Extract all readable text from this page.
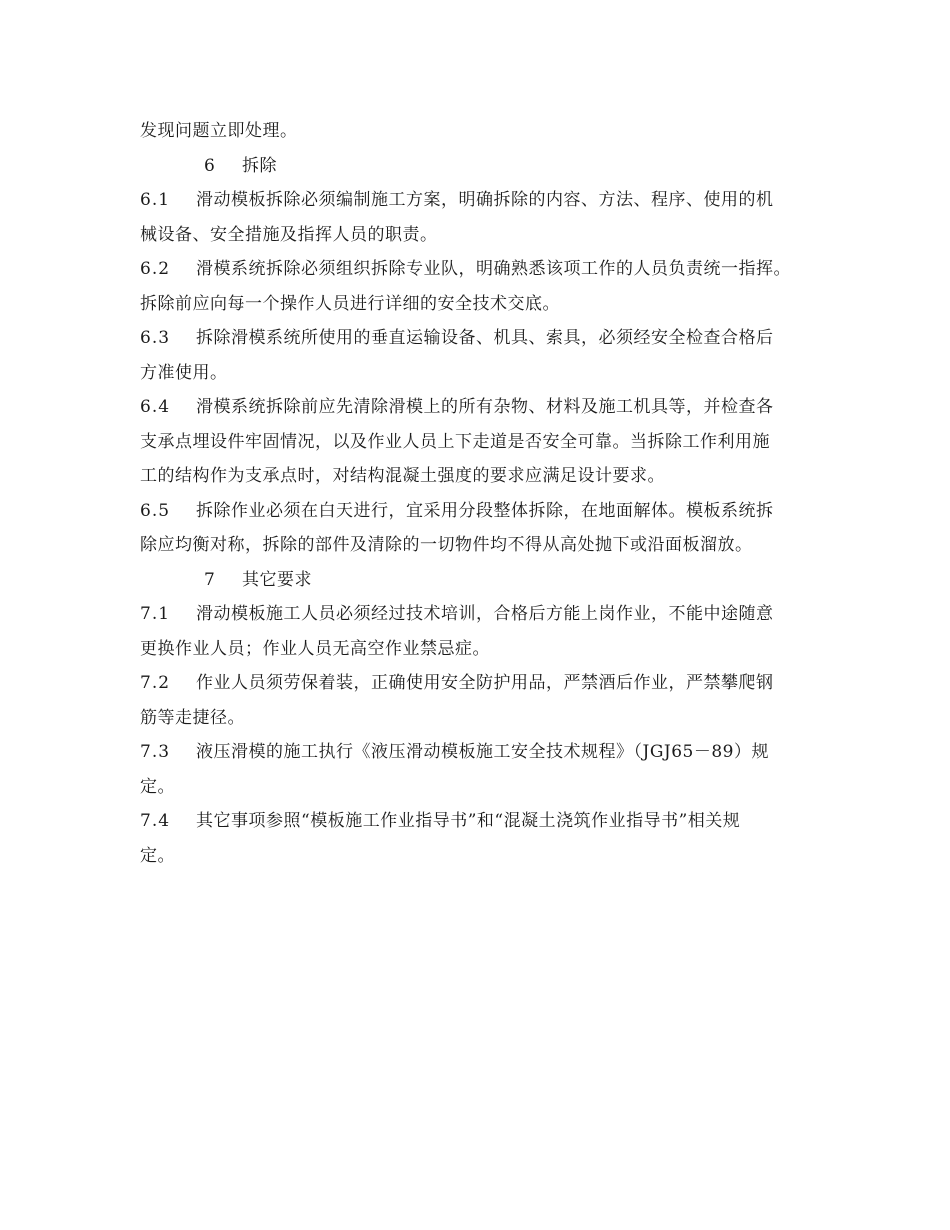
发现问题立即处理。
6 拆除
6.1 滑动模板拆除必须编制施工方案，明确拆除的内容、方法、程序、使用的机
械设备、安全措施及指挥人员的职责。
6.2 滑模系统拆除必须组织拆除专业队，明确熟悉该项工作的人员负责统一指挥。
拆除前应向每一个操作人员进行详细的安全技术交底。
6.3 拆除滑模系统所使用的垂直运输设备、机具、索具，必须经安全检查合格后
方准使用。
6.4 滑模系统拆除前应先清除滑模上的所有杂物、材料及施工机具等，并检查各
支承点埋设件牢固情况，以及作业人员上下走道是否安全可靠。当拆除工作利用施
工的结构作为支承点时，对结构混凝土强度的要求应满足设计要求。
6.5 拆除作业必须在白天进行，宜采用分段整体拆除，在地面解体。模板系统拆
除应均衡对称，拆除的部件及清除的一切物件均不得从高处抛下或沿面板溜放。
7 其它要求
7.1 滑动模板施工人员必须经过技术培训，合格后方能上岗作业，不能中途随意
更换作业人员；作业人员无高空作业禁忌症。
7.2 作业人员须劳保着装，正确使用安全防护用品，严禁酒后作业，严禁攀爬钢
筋等走捷径。
7.3 液压滑模的施工执行《液压滑动模板施工安全技术规程》（JGJ65－89）规
定。
7.4 其它事项参照“模板施工作业指导书”和“混凝土浇筑作业指导书”相关规
定。
